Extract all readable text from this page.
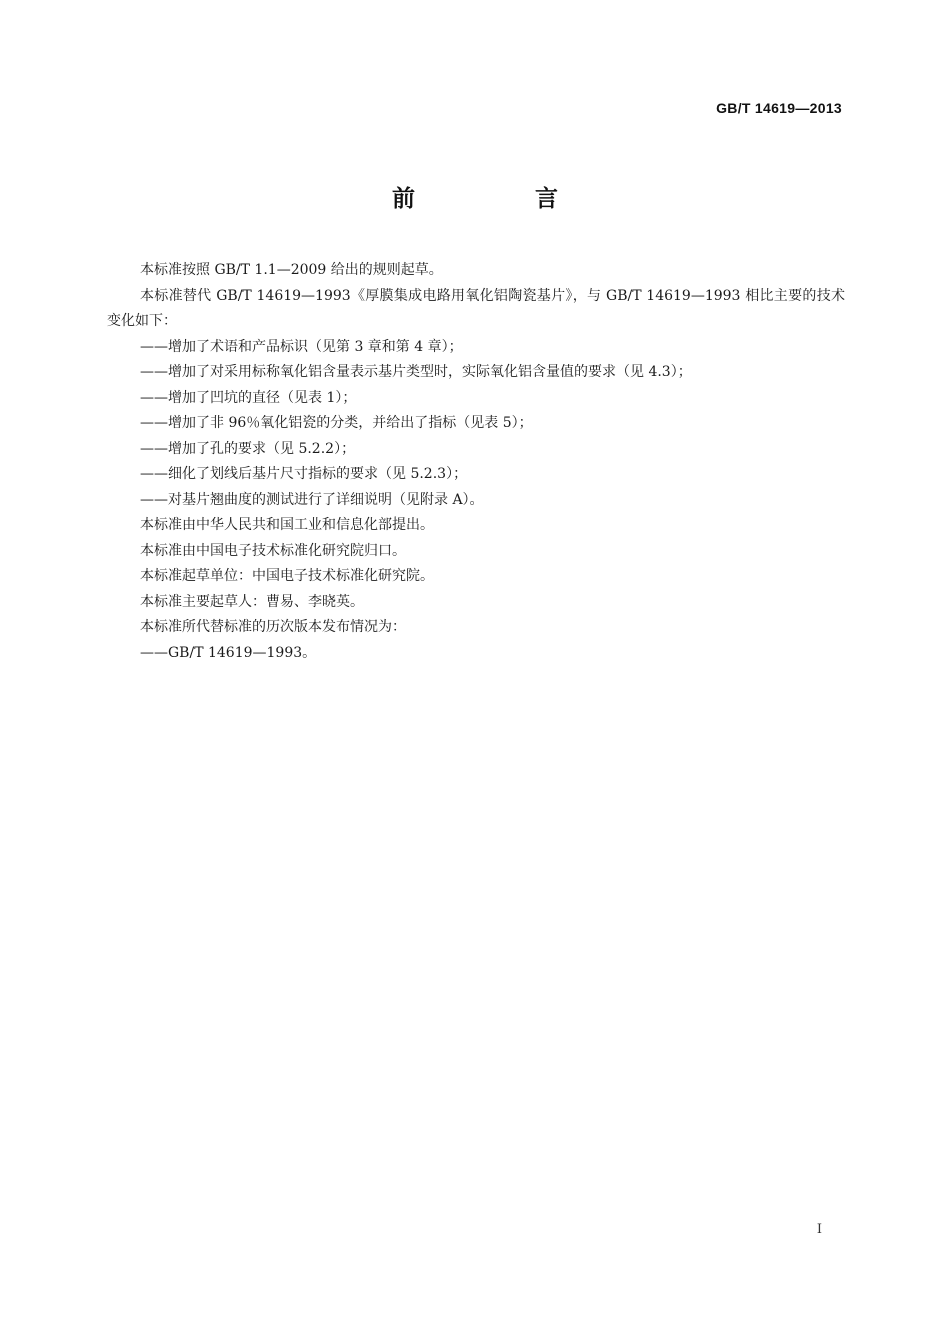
GB/T 14619—2013
前 言

本标准按照 GB/T 1.1—2009 给出的规则起草。

本标准替代 GB/T 14619—1993《厚膜集成电路用氧化铝陶瓷基片》，与 GB/T 14619—1993 相比主要的技术变化如下：

——增加了术语和产品标识（见第 3 章和第 4 章）；

——增加了对采用标称氧化铝含量表示基片类型时，实际氧化铝含量值的要求（见 4.3）；

——增加了凹坑的直径（见表 1）；

——增加了非 96％氧化铝瓷的分类，并给出了指标（见表 5）；

——增加了孔的要求（见 5.2.2）；

——细化了划线后基片尺寸指标的要求（见 5.2.3）；

——对基片翘曲度的测试进行了详细说明（见附录 A）。

本标准由中华人民共和国工业和信息化部提出。

本标准由中国电子技术标准化研究院归口。

本标准起草单位：中国电子技术标准化研究院。

本标准主要起草人：曹易、李晓英。

本标准所代替标准的历次版本发布情况为：

——GB/T 14619—1993。

I
